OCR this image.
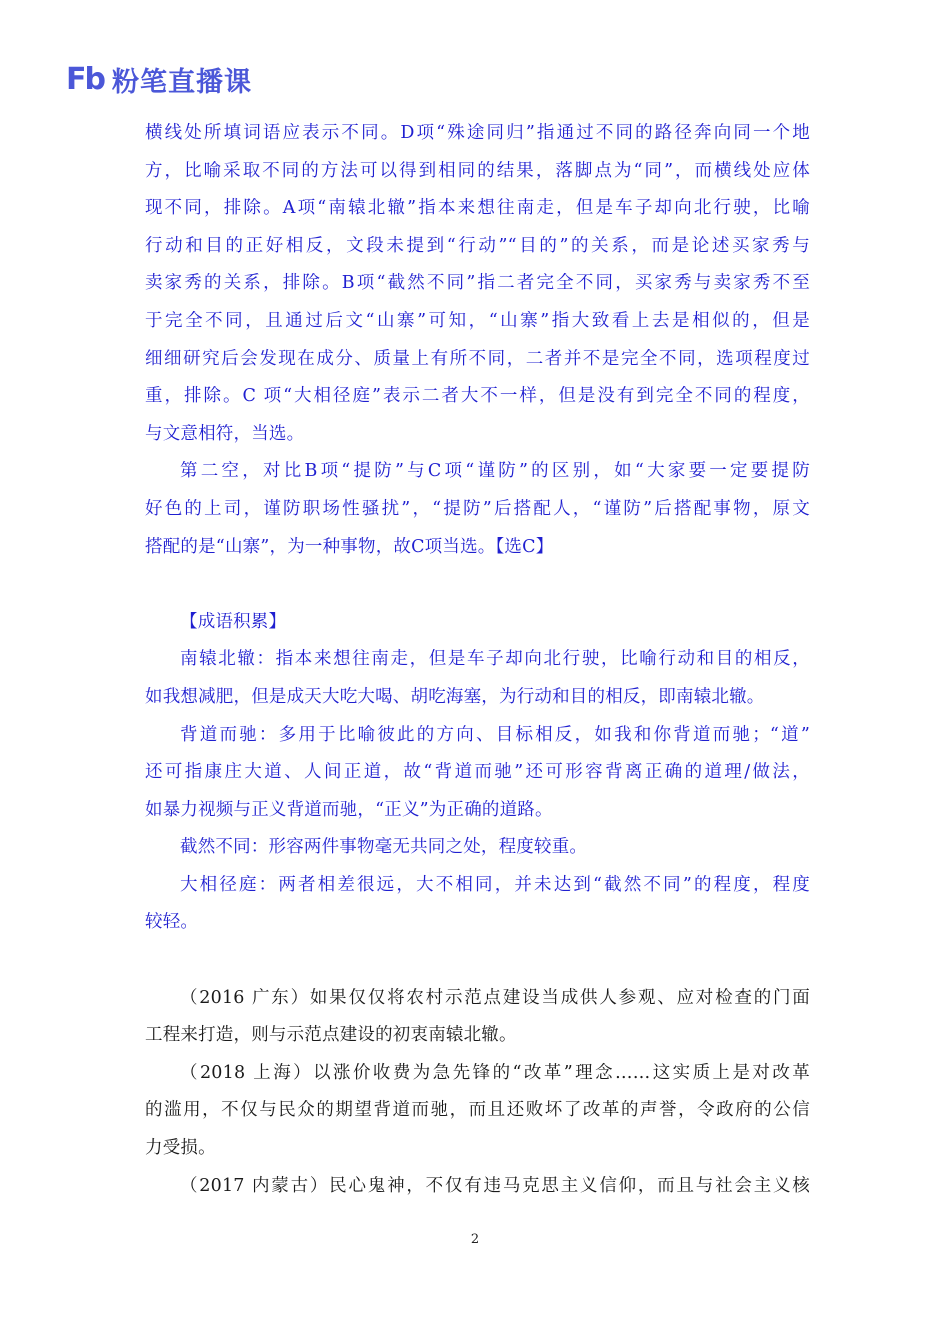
Fb 粉笔直播课

横线处所填词语应表示不同。D项“殊途同归”指通过不同的路径奔向同一个地

方，比喻采取不同的方法可以得到相同的结果，落脚点为“同”，而横线处应体

现不同，排除。A项“南辕北辙”指本来想往南走，但是车子却向北行驶，比喻

行动和目的正好相反，文段未提到“行动”“目的”的关系，而是论述买家秀与

卖家秀的关系，排除。B项“截然不同”指二者完全不同，买家秀与卖家秀不至

于完全不同，且通过后文“山寨”可知，“山寨”指大致看上去是相似的，但是

细细研究后会发现在成分、质量上有所不同，二者并不是完全不同，选项程度过

重，排除。C 项“大相径庭”表示二者大不一样，但是没有到完全不同的程度，

与文意相符，当选。

第二空，对比B项“提防”与C项“谨防”的区别，如“大家要一定要提防

好色的上司，谨防职场性骚扰”，“提防”后搭配人，“谨防”后搭配事物，原文

搭配的是“山寨”，为一种事物，故C项当选。【选C】

【成语积累】

南辕北辙：指本来想往南走，但是车子却向北行驶，比喻行动和目的相反，

如我想减肥，但是成天大吃大喝、胡吃海塞，为行动和目的相反，即南辕北辙。

背道而驰：多用于比喻彼此的方向、目标相反，如我和你背道而驰；“道”

还可指康庄大道、人间正道，故“背道而驰”还可形容背离正确的道理/做法，

如暴力视频与正义背道而驰，“正义”为正确的道路。

截然不同：形容两件事物毫无共同之处，程度较重。

大相径庭：两者相差很远，大不相同，并未达到“截然不同”的程度，程度

较轻。

（2016 广东）如果仅仅将农村示范点建设当成供人参观、应对检查的门面

工程来打造，则与示范点建设的初衷南辕北辙。

（2018 上海）以涨价收费为急先锋的“改革”理念……这实质上是对改革

的滥用，不仅与民众的期望背道而驰，而且还败坏了改革的声誉，令政府的公信

力受损。

（2017 内蒙古）民心鬼神，不仅有违马克思主义信仰，而且与社会主义核

2
